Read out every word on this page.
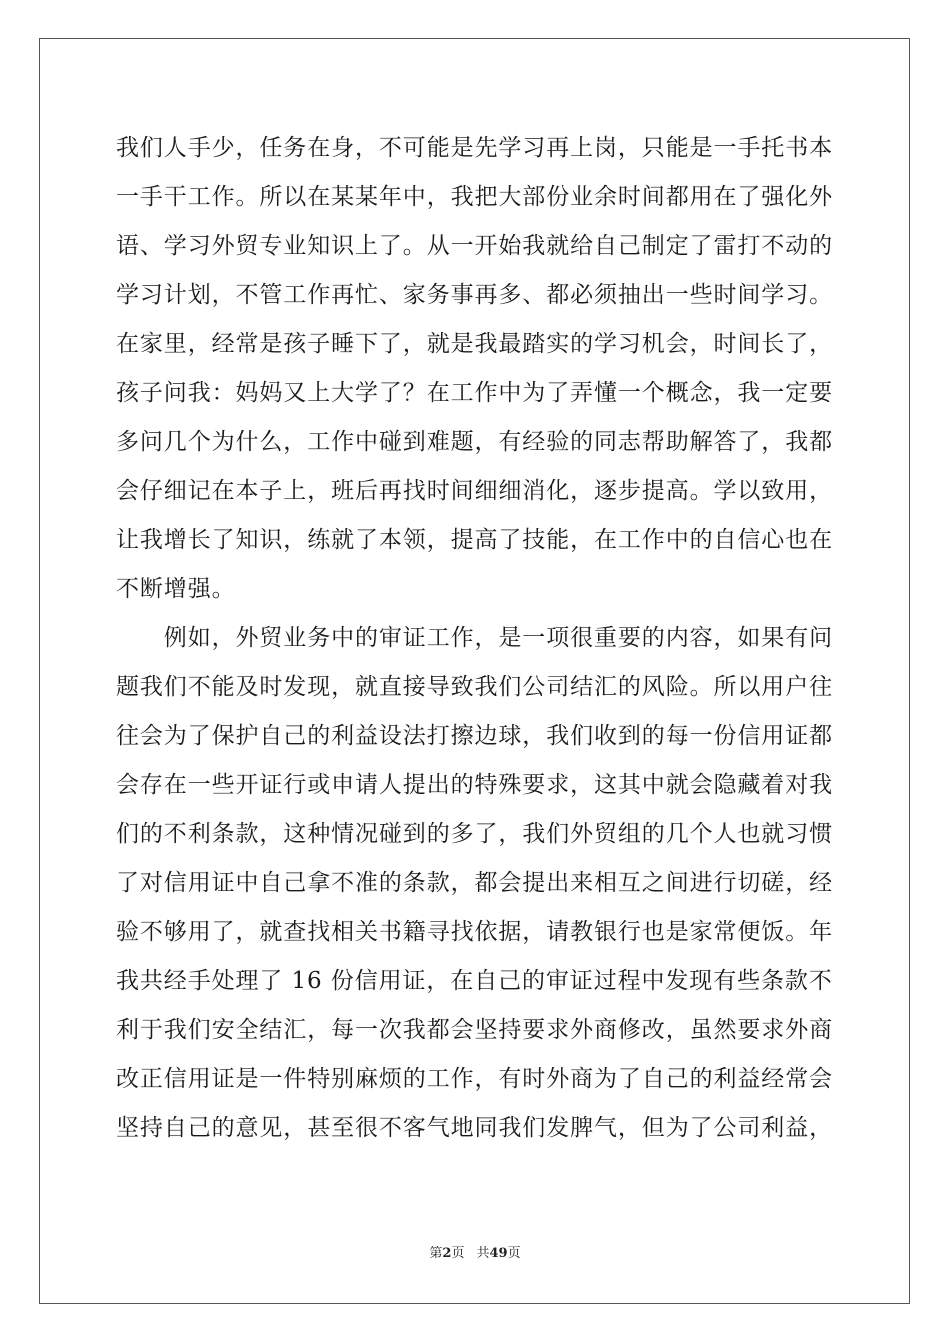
我们人手少，任务在身，不可能是先学习再上岗，只能是一手托书本
一手干工作。所以在某某年中，我把大部份业余时间都用在了强化外
语、学习外贸专业知识上了。从一开始我就给自己制定了雷打不动的
学习计划，不管工作再忙、家务事再多、都必须抽出一些时间学习。
在家里，经常是孩子睡下了，就是我最踏实的学习机会，时间长了，
孩子问我：妈妈又上大学了？在工作中为了弄懂一个概念，我一定要
多问几个为什么，工作中碰到难题，有经验的同志帮助解答了，我都
会仔细记在本子上，班后再找时间细细消化，逐步提高。学以致用，
让我增长了知识，练就了本领，提高了技能，在工作中的自信心也在
不断增强。
　　例如，外贸业务中的审证工作，是一项很重要的内容，如果有问
题我们不能及时发现，就直接导致我们公司结汇的风险。所以用户往
往会为了保护自己的利益设法打擦边球，我们收到的每一份信用证都
会存在一些开证行或申请人提出的特殊要求，这其中就会隐藏着对我
们的不利条款，这种情况碰到的多了，我们外贸组的几个人也就习惯
了对信用证中自己拿不准的条款，都会提出来相互之间进行切磋，经
验不够用了，就查找相关书籍寻找依据，请教银行也是家常便饭。年
我共经手处理了 16 份信用证，在自己的审证过程中发现有些条款不
利于我们安全结汇，每一次我都会坚持要求外商修改，虽然要求外商
改正信用证是一件特别麻烦的工作，有时外商为了自己的利益经常会
坚持自己的意见，甚至很不客气地同我们发脾气，但为了公司利益，
第2页 共49页
